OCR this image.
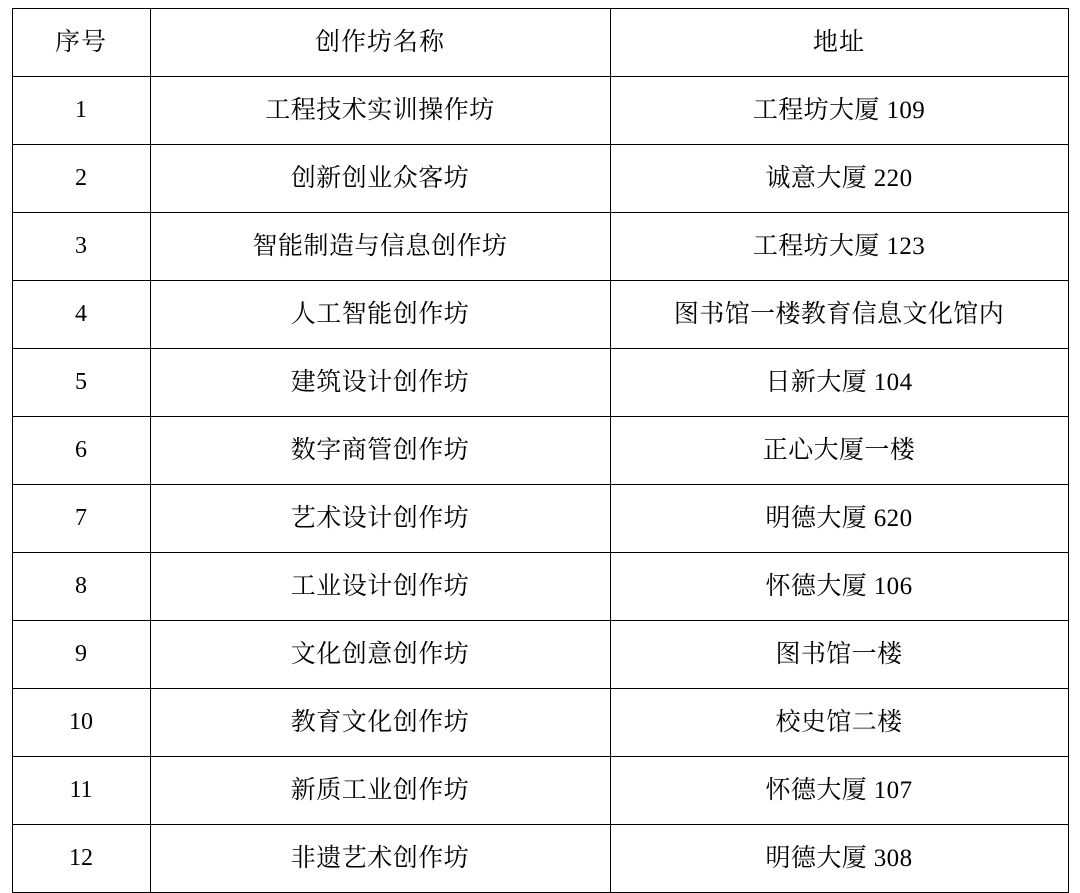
序号	创作坊名称	地址
1	工程技术实训操作坊	工程坊大厦 109
2	创新创业众客坊	诚意大厦 220
3	智能制造与信息创作坊	工程坊大厦 123
4	人工智能创作坊	图书馆一楼教育信息文化馆内
5	建筑设计创作坊	日新大厦 104
6	数字商管创作坊	正心大厦一楼
7	艺术设计创作坊	明德大厦 620
8	工业设计创作坊	怀德大厦 106
9	文化创意创作坊	图书馆一楼
10	教育文化创作坊	校史馆二楼
11	新质工业创作坊	怀德大厦 107
12	非遗艺术创作坊	明德大厦 308
